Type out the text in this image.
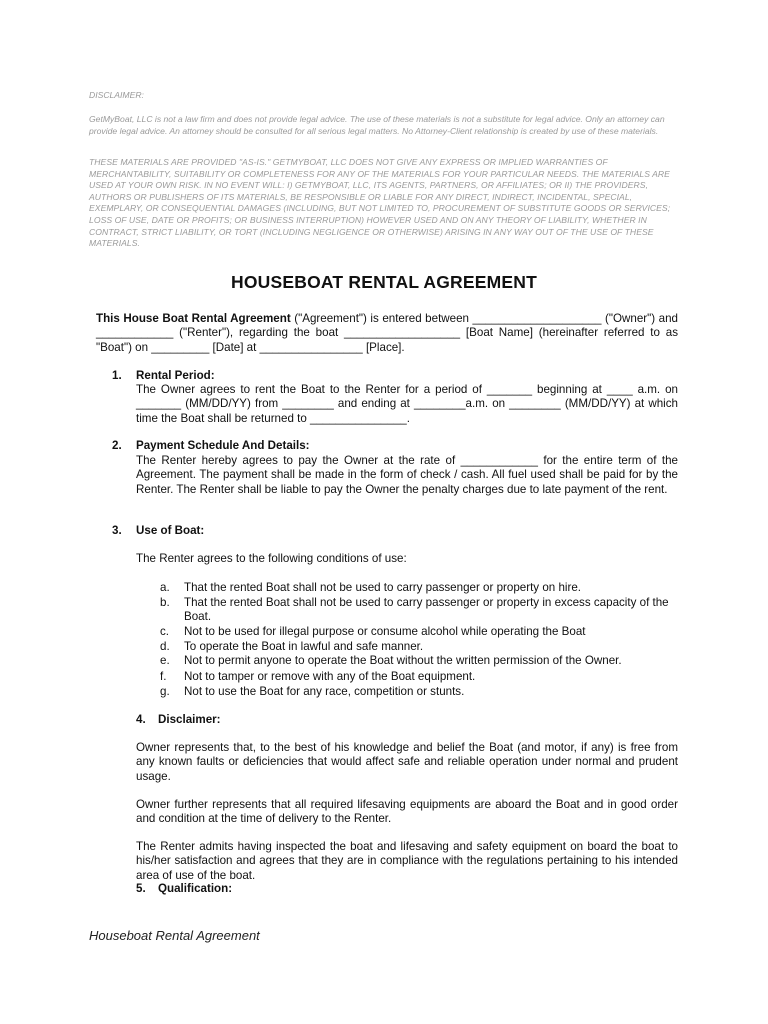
DISCLAIMER:

GetMyBoat, LLC is not a law firm and does not provide legal advice. The use of these materials is not a substitute for legal advice. Only an attorney can provide legal advice. An attorney should be consulted for all serious legal matters. No Attorney-Client relationship is created by use of these materials.

THESE MATERIALS ARE PROVIDED "AS-IS." GETMYBOAT, LLC DOES NOT GIVE ANY EXPRESS OR IMPLIED WARRANTIES OF MERCHANTABILITY, SUITABILITY OR COMPLETENESS FOR ANY OF THE MATERIALS FOR YOUR PARTICULAR NEEDS. THE MATERIALS ARE USED AT YOUR OWN RISK. IN NO EVENT WILL: I) GETMYBOAT, LLC, ITS AGENTS, PARTNERS, OR AFFILIATES; OR II) THE PROVIDERS, AUTHORS OR PUBLISHERS OF ITS MATERIALS, BE RESPONSIBLE OR LIABLE FOR ANY DIRECT, INDIRECT, INCIDENTAL, SPECIAL, EXEMPLARY, OR CONSEQUENTIAL DAMAGES (INCLUDING, BUT NOT LIMITED TO, PROCUREMENT OF SUBSTITUTE GOODS OR SERVICES; LOSS OF USE, DATE OR PROFITS; OR BUSINESS INTERRUPTION) HOWEVER USED AND ON ANY THEORY OF LIABILITY, WHETHER IN CONTRACT, STRICT LIABILITY, OR TORT (INCLUDING NEGLIGENCE OR OTHERWISE) ARISING IN ANY WAY OUT OF THE USE OF THESE MATERIALS.

HOUSEBOAT RENTAL AGREEMENT

This House Boat Rental Agreement ("Agreement") is entered between ____________________ ("Owner") and ____________ ("Renter"), regarding the boat __________________ [Boat Name] (hereinafter referred to as "Boat") on _________ [Date] at ________________ [Place].

1. Rental Period:

The Owner agrees to rent the Boat to the Renter for a period of _______ beginning at ____ a.m. on _______ (MM/DD/YY) from ________ and ending at ________a.m. on ________ (MM/DD/YY) at which time the Boat shall be returned to _______________.

2. Payment Schedule And Details:

The Renter hereby agrees to pay the Owner at the rate of ____________ for the entire term of the Agreement. The payment shall be made in the form of check / cash. All fuel used shall be paid for by the Renter. The Renter shall be liable to pay the Owner the penalty charges due to late payment of the rent.

3. Use of Boat:

The Renter agrees to the following conditions of use:

a.	That the rented Boat shall not be used to carry passenger or property on hire.
b.	That the rented Boat shall not be used to carry passenger or property in excess capacity of the Boat.
c.	Not to be used for illegal purpose or consume alcohol while operating the Boat
d.	To operate the Boat in lawful and safe manner.
e.	Not to permit anyone to operate the Boat without the written permission of the Owner.
f.	Not to tamper or remove with any of the Boat equipment.
g.	Not to use the Boat for any race, competition or stunts.
4. Disclaimer:

Owner represents that, to the best of his knowledge and belief the Boat (and motor, if any) is free from any known faults or deficiencies that would affect safe and reliable operation under normal and prudent usage.

Owner further represents that all required lifesaving equipments are aboard the Boat and in good order and condition at the time of delivery to the Renter.

The Renter admits having inspected the boat and lifesaving and safety equipment on board the boat to his/her satisfaction and agrees that they are in compliance with the regulations pertaining to his intended area of use of the boat.

5. Qualification:
Houseboat Rental Agreement
